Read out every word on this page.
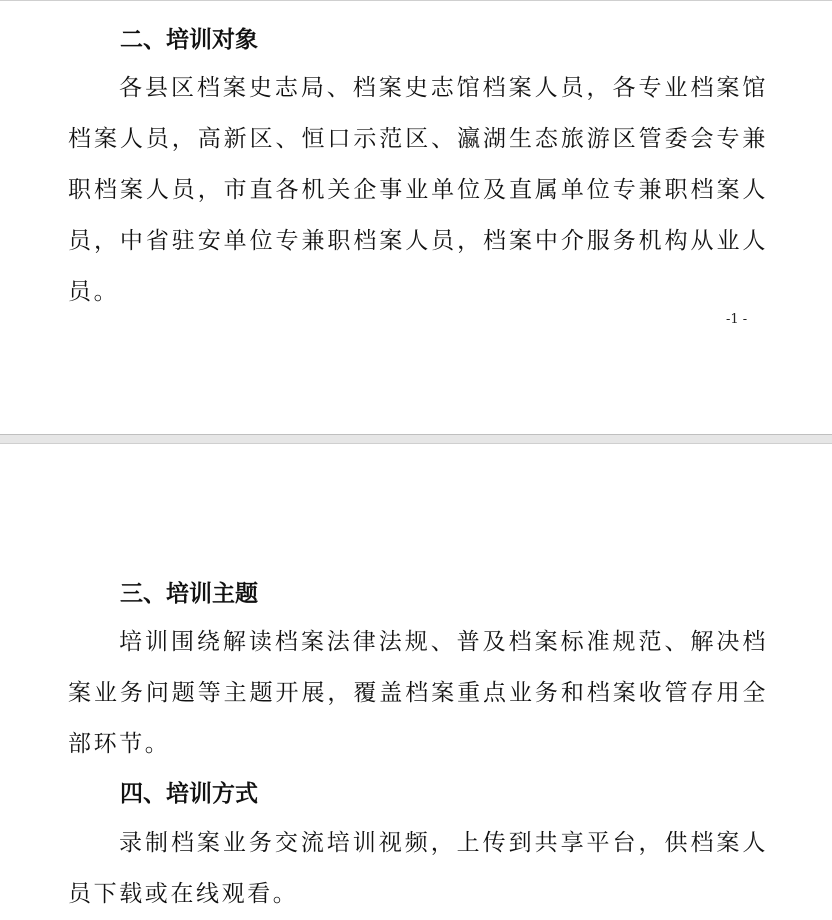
二、培训对象
各县区档案史志局、档案史志馆档案人员，各专业档案馆档案人员，高新区、恒口示范区、瀛湖生态旅游区管委会专兼职档案人员，市直各机关企事业单位及直属单位专兼职档案人员，中省驻安单位专兼职档案人员，档案中介服务机构从业人员。
-1 -
三、培训主题
培训围绕解读档案法律法规、普及档案标准规范、解决档案业务问题等主题开展，覆盖档案重点业务和档案收管存用全部环节。
四、培训方式
录制档案业务交流培训视频，上传到共享平台，供档案人员下载或在线观看。
